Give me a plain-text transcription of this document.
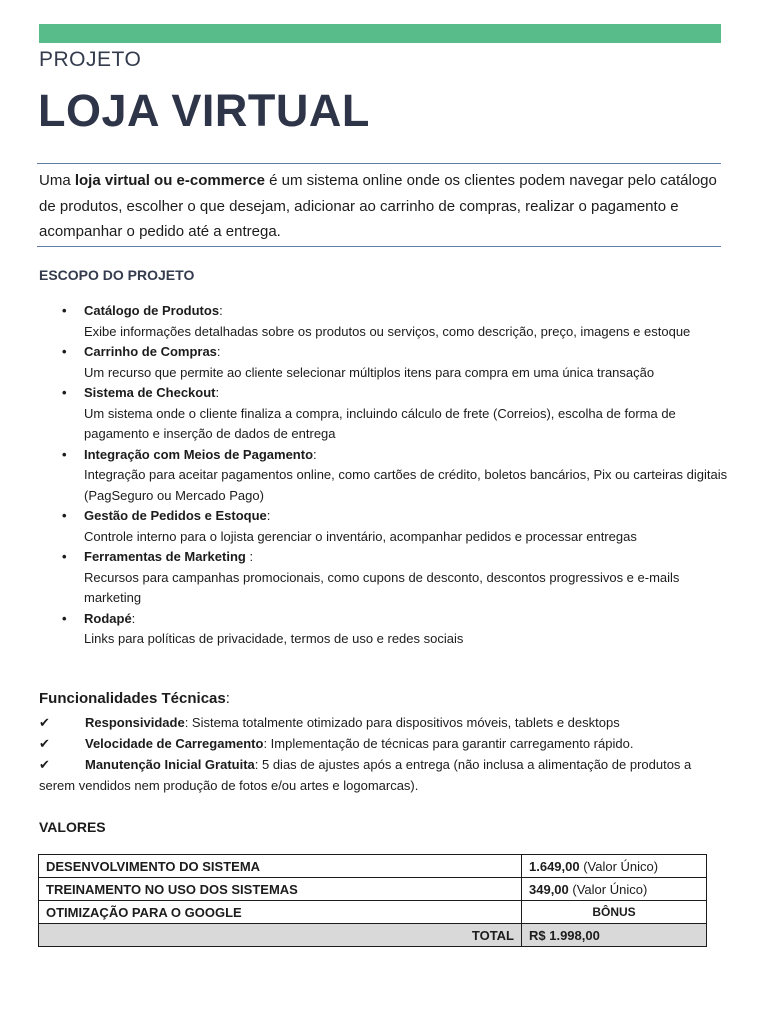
PROJETO
LOJA VIRTUAL

Uma loja virtual ou e-commerce é um sistema online onde os clientes podem navegar pelo catálogo de produtos, escolher o que desejam, adicionar ao carrinho de compras, realizar o pagamento e acompanhar o pedido até a entrega.

ESCOPO DO PROJETO
• Catálogo de Produtos:
Exibe informações detalhadas sobre os produtos ou serviços, como descrição, preço, imagens e estoque
• Carrinho de Compras:
Um recurso que permite ao cliente selecionar múltiplos itens para compra em uma única transação
• Sistema de Checkout:
Um sistema onde o cliente finaliza a compra, incluindo cálculo de frete (Correios), escolha de forma de pagamento e inserção de dados de entrega
• Integração com Meios de Pagamento:
Integração para aceitar pagamentos online, como cartões de crédito, boletos bancários, Pix ou carteiras digitais (PagSeguro ou Mercado Pago)
• Gestão de Pedidos e Estoque:
Controle interno para o lojista gerenciar o inventário, acompanhar pedidos e processar entregas
• Ferramentas de Marketing :
Recursos para campanhas promocionais, como cupons de desconto, descontos progressivos e e-mails marketing
• Rodapé:
Links para políticas de privacidade, termos de uso e redes sociais
Funcionalidades Técnicas:
✔	Responsividade: Sistema totalmente otimizado para dispositivos móveis, tablets e desktops
✔	Velocidade de Carregamento: Implementação de técnicas para garantir carregamento rápido.
✔	Manutenção Inicial Gratuita: 5 dias de ajustes após a entrega (não inclusa a alimentação de produtos a serem vendidos nem produção de fotos e/ou artes e logomarcas).
VALORES
DESENVOLVIMENTO DO SISTEMA	1.649,00 (Valor Único)
TREINAMENTO NO USO DOS SISTEMAS	349,00 (Valor Único)
OTIMIZAÇÃO PARA O GOOGLE	BÔNUS

TOTAL	R$ 1.998,00
